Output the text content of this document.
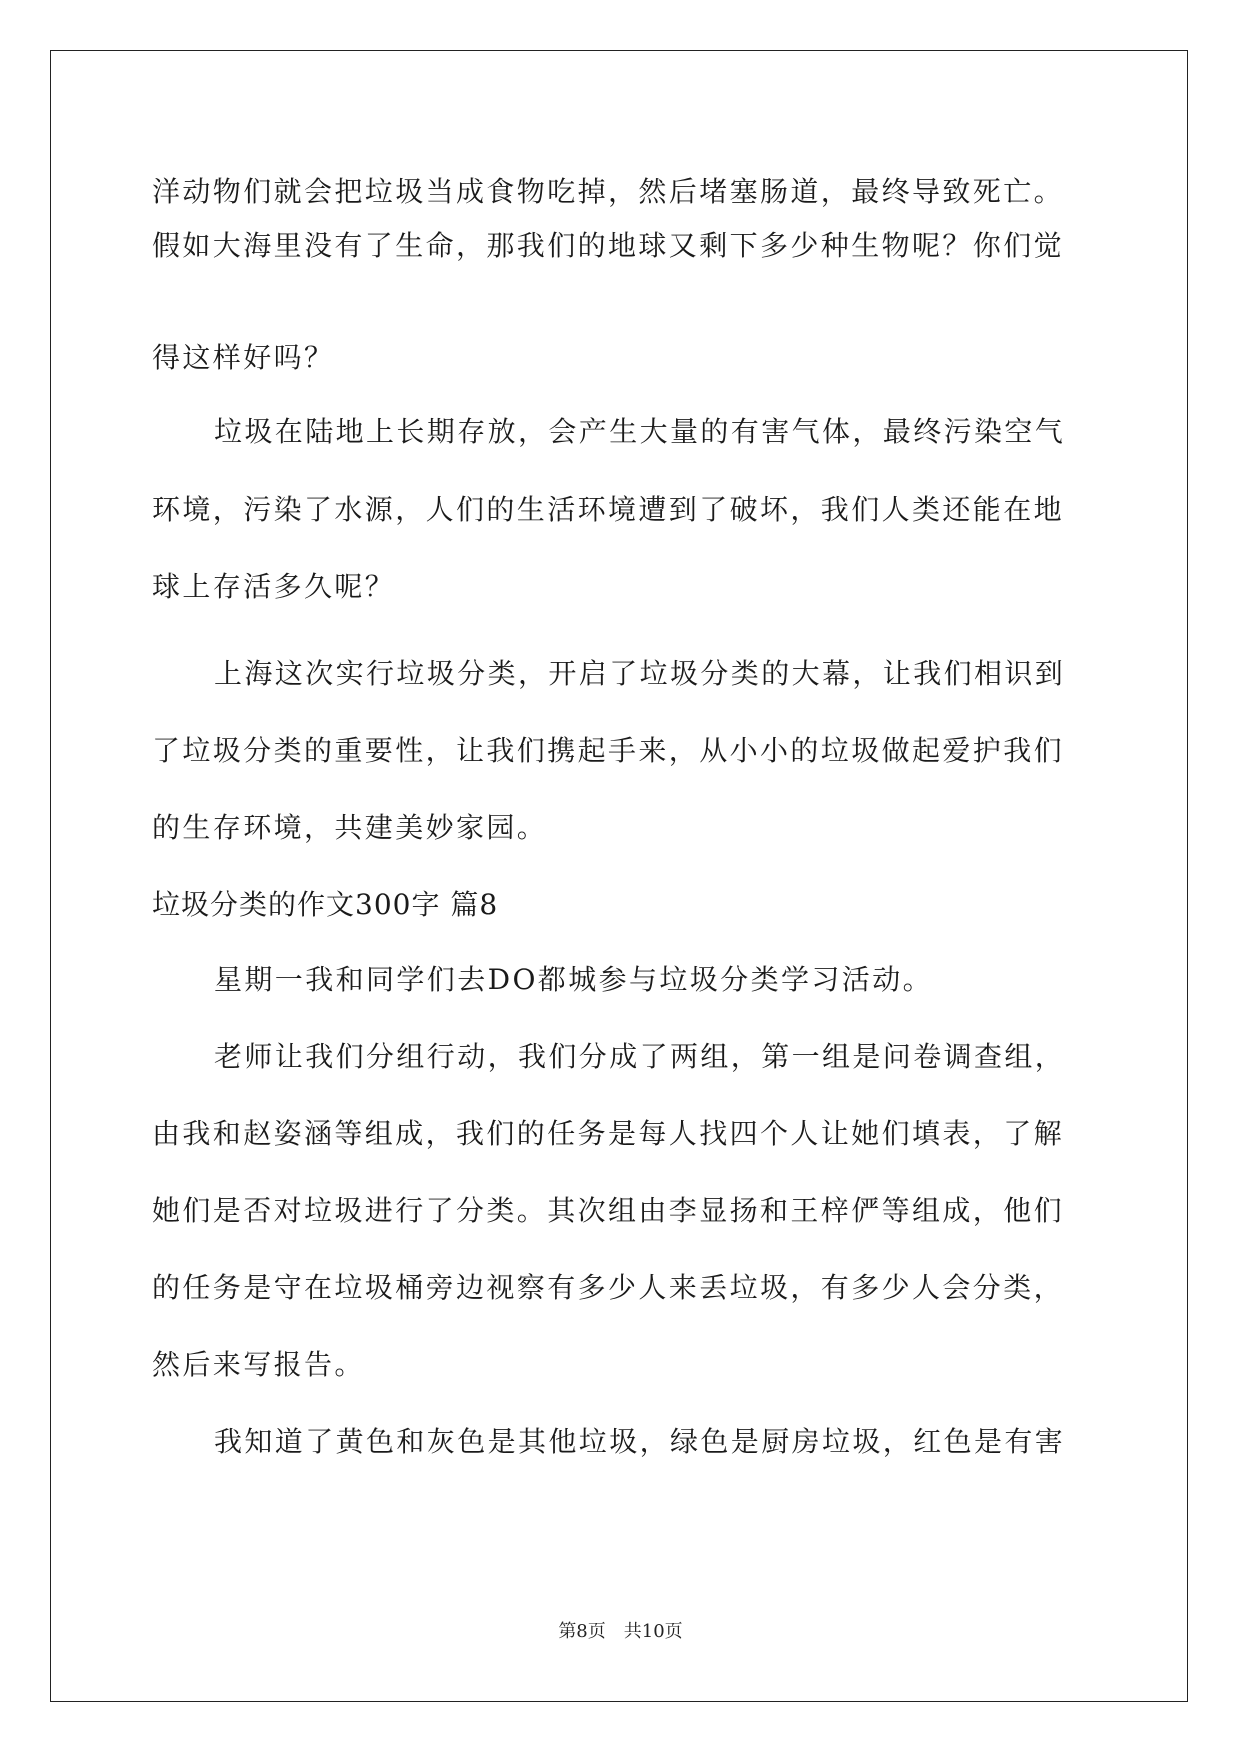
洋动物们就会把垃圾当成食物吃掉，然后堵塞肠道，最终导致死亡。
假如大海里没有了生命，那我们的地球又剩下多少种生物呢？你们觉
得这样好吗？
垃圾在陆地上长期存放，会产生大量的有害气体，最终污染空气
环境，污染了水源，人们的生活环境遭到了破坏，我们人类还能在地
球上存活多久呢？
上海这次实行垃圾分类，开启了垃圾分类的大幕，让我们相识到
了垃圾分类的重要性，让我们携起手来，从小小的垃圾做起爱护我们
的生存环境，共建美妙家园。
垃圾分类的作文300字 篇8
星期一我和同学们去DO都城参与垃圾分类学习活动。
老师让我们分组行动，我们分成了两组，第一组是问卷调查组，
由我和赵姿涵等组成，我们的任务是每人找四个人让她们填表，了解
她们是否对垃圾进行了分类。其次组由李显扬和王梓俨等组成，他们
的任务是守在垃圾桶旁边视察有多少人来丢垃圾，有多少人会分类，
然后来写报告。
我知道了黄色和灰色是其他垃圾，绿色是厨房垃圾，红色是有害
第8页　共10页
